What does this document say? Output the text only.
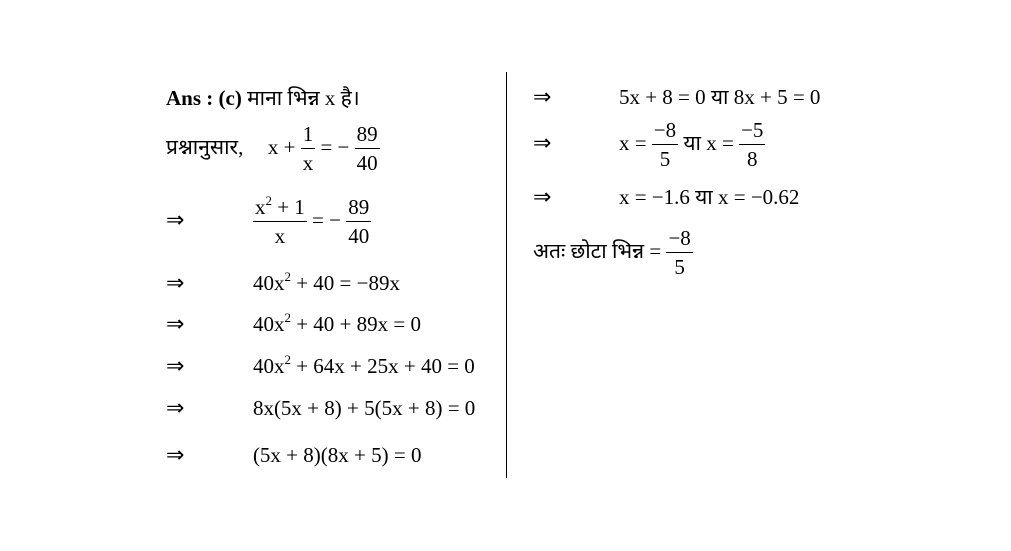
Ans : (c) माना भिन्न x है।
प्रश्नानुसार, $x + \frac{1}{x}$ = − $\frac{89}{40}$
⇒	$\frac{x^2 + 1}{x}$ = − $\frac{89}{40}$
⇒	$40x^2 + 40 = -89x$
⇒	$40x^2 + 40 + 89x = 0$
⇒	$40x^2 + 64x + 25x + 40 = 0$
⇒	8x(5x + 8) + 5(5x + 8) = 0
⇒	(5x + 8)(8x + 5) = 0
⇒	5x + 8 = 0 या 8x + 5 = 0
⇒	$x = \frac{-8}{5}$ या $x = \frac{-5}{8}$
⇒	x = −1.6 या x = −0.62
अतः छोटा भिन्न = $\frac{-8}{5}$
